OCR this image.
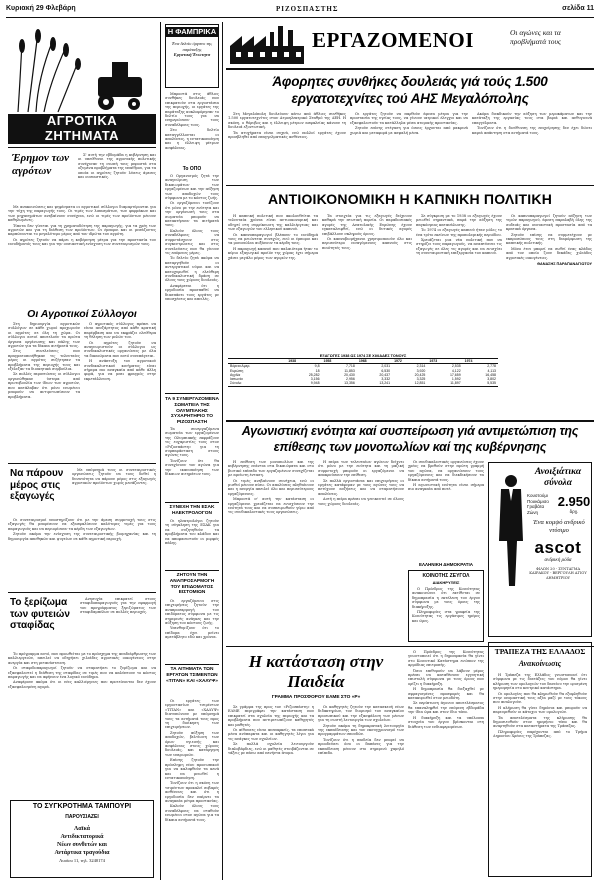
Κυριακή 29 Φλεβάρη	ΡΙΖΟΣΠΑΣΤΗΣ	σελίδα 11
ΑΓΡΟΤΙΚΑ ΖΗΤΗΜΑΤΑ
Έρημον των αγρότων

Σ' αυτή την εβδομάδα η κυβέρνηση και οι υπεύθυνοι της αγροτικής πολιτικής συνέχισαν τη σιωπή τους μπροστά στα οξυμένα προβλήματα της υπαίθρου, για τα οποία οι αγρότες ζητούν λύσεις άμεσες και ουσιαστικές.

Με ανακοινώσεις και ψηφίσματα οι αγροτικοί σύλλογοι διαμαρτύρονται για την τύχη της παραγωγής τους. Οι τιμές των λιπασμάτων, των φαρμάκων και των μηχανημάτων ανεβαίνουν συνέχεια, ενώ οι τιμές των προϊόντων μένουν καθηλωμένες.

Τίποτα δεν γίνεται για τη χρηματοδότηση της παραγωγής, για τα χρέη των αγροτών και για τη διάθεση των προϊόντων. Οι έμποροι και οι μεσάζοντες καρπώνονται το μεγαλύτερο μέρος από τον ιδρώτα του αγρότη.

Οι αγρότες ζητούν να πάρει η κυβέρνηση μέτρα για την προστασία του εισοδήματός τους και για την ουσιαστική ενίσχυση των συνεταιρισμών τους.

Οι Αγροτικοί Σύλλογοι

Στη δημιουργία αγροτικών συλλόγων σε κάθε χωριό προχωρούν οι αγρότες σε όλη τη χώρα. Οι σύλλογοι αυτοί αποτελούν τα πρώτα όργανα οργάνωσης και πάλης των αγροτών για τα δίκαια αιτήματά τους.

Στις συνελεύσεις που πραγματοποιήθηκαν τις τελευταίες μέρες οι αγρότες συζήτησαν τα προβλήματα της περιοχής τους και εξέλεξαν τα διοικητικά συμβούλια.

Σε πολλές περιπτώσεις οι σύλλογοι οργανώθηκαν ύστερα από πρωτοβουλία των ίδιων των αγροτών, που κατάλαβαν ότι μόνο ενωμένοι μπορούν να αντιμετωπίσουν τα προβλήματα.

Ο αγροτικός σύλλογος πρέπει να είναι ανεξάρτητος από κάθε κρατική παρέμβαση και να εκφράζει ελεύθερα τη θέληση των μελών του.

Οι αγρότες ζητούν να αναγνωριστούν οι σύλλογοι ως συνδικαλιστικές οργανώσεις με όλα τα δικαιώματα που αυτό συνεπάγεται.

Η ανάπτυξη του αγροτικού συνδικαλιστικού κινήματος είναι σήμερα πιο αναγκαία από κάθε άλλη φορά, για να μπει φραγμός στην εκμετάλλευση.

Να πάρουν μέρος στις εξαγωγές

Με υπόμνημά τους οι συνεταιριστικές οργανώσεις ζητούν να τους δοθεί η δυνατότητα να πάρουν μέρος στις εξαγωγές αγροτικών προϊόντων χωρίς μεσάζοντες.

Οι συνεταιρισμοί υποστηρίζουν ότι με την άμεση συμμετοχή τους στις εξαγωγές θα μπορέσουν να εξασφαλίσουν καλύτερες τιμές για τους παραγωγούς και να περιορίσουν τα κέρδη των εξαγωγέων.

Ζητούν ακόμα την ενίσχυση της συνεταιριστικής βιομηχανίας και τη δημιουργία αποθηκών και ψυγείων σε κάθε αγροτική περιοχή.

Το ξερίζωμα των φυτειών σταφίδας

Ανησυχία επικρατεί στους σταφιδοπαραγωγούς για την εφαρμογή του προγράμματος ξεριζώματος των σταφιδαμπέλων σε πολλές περιοχές.

Το πρόγραμμα αυτό, που προωθείται με το πρόσχημα της αναδιάρθρωσης των καλλιεργειών, απειλεί να οδηγήσει χιλιάδες αγροτικές οικογένειες στην ανεργία και στη μετανάστευση.

Οι σταφιδοπαραγωγοί ζητούν να σταματήσει το ξερίζωμα και να εξασφαλιστεί η διάθεση της σταφίδας σε τιμές που να καλύπτουν το κόστος παραγωγής και να αφήνουν ένα λογικό εισόδημα.

Αναφέρουν ακόμα ότι οι νέες καλλιέργειες που προτείνονται δεν έχουν εξασφαλισμένη αγορά.

ΤΟ ΣΥΓΚΡΟΤΗΜΑ ΤΑΜΠΟΥΡΙ
ΠΑΡΟΥΣΙΑΖΕΙ
Λαϊκά
Αντιδικτατορικά
Νέων συνθετών και
Αντάρτικα τραγούδια
Λυσίου 11, τηλ. 3240174
Η ΦΑΜΠΡΙΚΑ
Ένα δελτίο όργανο της παράταξης
Εργατική Ένωτητα

Μπροστά στις άθλιες συνθήκες δουλειάς που επικρατούν στα εργοστάσια της περιοχής, οι εργάτες της παράταξης κυκλοφόρησαν το δελτίο τους για να ενημερώσουν τους συναδέλφους τους.

Στο δελτίο καταγγέλλονται οι απολύσεις, η εντατικοποίηση και η έλλειψη μέτρων ασφάλειας.

Το ΟΠΟ

Ο Οργανισμός ζητά την αναγνώριση των δικαιωμάτων των εργαζομένων και την αύξηση των αποδοχών τους σύμφωνα με το κόστος ζωής.

Οι εργαζόμενοι τονίζουν ότι μόνο με την ενότητα και την οργάνωσή τους στα σωματεία μπορούν να κατακτήσουν τα αιτήματά τους.

Καλούν όλους τους συναδέλφους να συμμετάσχουν στις συγκεντρώσεις και στις συνελεύσεις που θα γίνουν τις επόμενες μέρες.

Το δελτίο ζητά ακόμα να καταργηθούν οι αντεργατικοί νόμοι και να κατοχυρωθεί η ελεύθερη συνδικαλιστική δράση σε όλους τους χώρους δουλειάς.

Αναφέρεται ότι η εργοδοσία προσπαθεί να διασπάσει τους εργάτες με υποσχέσεις και απειλές.

ΤΑ 9 ΣΥΝΕΡΓΑΖΟΜΕΝΑ ΣΩΜΑΤΕΙΑ ΤΗΣ ΟΛΥΜΠΙΑΚΗΣ ΣΥΧΑΡΗΤΗΡΙΟ ΤΟ ΡΙΖΟΣΠΑΣΤΗ

Τα συνεργαζόμενα σωματεία των εργαζομένων της Ολυμπιακής εκφράζουν τις ευχαριστίες τους στον «Ριζοσπάστη» για τη συμπαράσταση στους αγώνες τους.

Τονίζουν ότι θα συνεχίσουν τον αγώνα για την ικανοποίηση των δίκαιων αιτημάτων τους.

ΣΥΝΕΧΗ ΤΗΝ ΕΣΑΚ ΗΛΕΚΤΡΟΛΟΓΟΝ

Οι ηλεκτρολόγοι ζητούν τη σύγκληση της ΕΣΑΚ για να συζητηθούν τα προβλήματα του κλάδου και να αποφασιστούν οι μορφές πάλης.

ΖΗΤΟΥΝ ΤΗΝ ΑΝΑΠΡΟΣΑΡΜΟΓΗ ΤΟΥ ΕΠΙΔΟΜΑΤΟΣ ΕΙΣΤΟΜΙΩΝ

Οι εργαζόμενοι στις επιχειρήσεις ζητούν την αναπροσαρμογή του επιδόματος σύμφωνα με τις σημερινές ανάγκες και την αύξηση του κόστους ζωής.

Υπενθυμίζουν ότι το επίδομα έχει μείνει αμετάβλητο εδώ και χρόνια.

ΤΑ ΑΙΤΗΜΑΤΑ ΤΩΝ ΕΡΓΑΤΩΝ ΤΣΙΜΕΝΤΩΝ «ΤΙΤΑΝ» ΚΑΙ «ΧΑΛΥΨ»

Οι εργάτες των εργοστασίων τσιμέντων «ΤΙΤΑΝ» και «ΧΑΛΥΨ» διατυπώνουν με υπόμνημά τους τα αιτήματά τους προς τη διοίκηση των επιχειρήσεων.

Ζητούν αύξηση των αποδοχών, βελτίωση των όρων υγιεινής και ασφάλειας στους χώρους δουλειάς, και κατάργηση των υπερωριών.

Επίσης ζητούν την πρόσληψη νέου προσωπικού για να καλυφθούν τα κενά και να μειωθεί η εντατικοποίηση.

Τονίζουν ότι η σκόνη των τσιμέντων προκαλεί σοβαρές ασθένειες και ότι η εργοδοσία δεν παίρνει τα αναγκαία μέτρα προστασίας.

Καλούν όλους τους συναδέλφους να σταθούν ενωμένοι στον αγώνα για τα δίκαια αιτήματά τους.

ΕΡΓΑΖΟΜΕΝΟΙ	Οι αγώνες και τα
προβλήματά τους
Άφορητες συνθήκες δουλειάς γιά τούς 1.500 εργατοτεχνίτες τού ΑΗΣ Μεγαλόπολης

Στη Μεγαλόπολη δουλεύουν κάτω από άθλιες συνθήκες 1.500 εργατοτεχνίτες στον Ατμοηλεκτρικό Σταθμό της ΔΕΗ. Η σκόνη, ο θόρυβος και η έλλειψη μέτρων ασφαλείας κάνουν τη δουλειά εξοντωτική.

Τα ατυχήματα είναι συχνά, ενώ πολλοί εργάτες έχουν προσβληθεί από επαγγελματικές ασθένειες.

Οι εργάτες ζητούν να παρθούν άμεσα μέτρα για την προστασία της υγείας τους, να γίνουν ιατρικοί έλεγχοι και να εξασφαλιστούν τα κατάλληλα μέσα ατομικής προστασίας.

Ζητούν επίσης στέγαση για όσους έρχονται από μακρινά χωριά και μεταφορά με ασφαλή μέσα.

Ακόμα διεκδικούν την αύξηση των μεροκάματων και την κατάταξη της εργασίας τους στα βαριά και ανθυγιεινά επαγγέλματα.

Τονίζουν ότι η διεύθυνση της επιχείρησης δεν έχει δώσει καμιά απάντηση στα αιτήματά τους.

ΑΝΤΙΟΙΚΟΝΟΜΙΚΗ Η ΚΑΠΝΙΚΗ ΠΟΛΙΤΙΚΗ

Η καπνική πολιτική που ακολουθείται τα τελευταία χρόνια είναι αντιοικονομική και οδηγεί στη συρρίκνωση της καλλιέργειας και των εξαγωγών του ελληνικού καπνού.

Οι καπνοπαραγωγοί βλέπουν το εισόδημά τους να μειώνεται συνεχώς, ενώ οι έμποροι και τα μονοπώλια αυξάνουν τα κέρδη τους.

Η παραγωγή καπνού που παλαιότερα ήταν το κύριο εξαγωγικό προϊόν της χώρας έχει σήμερα χάσει μεγάλο μέρος των αγορών της.

Τα στοιχεία για τις εξαγωγές δείχνουν καθαρά την πτωτική πορεία. Οι παραδοσιακές αγορές της Ανατολικής Ευρώπης έχουν εγκαταλειφθεί, ενώ οι δυτικές αγορές επιβάλλουν σκληρούς όρους.

Οι καπνοβιομήχανοι χρησιμοποιούν όλο και περισσότερο εισαγόμενους καπνούς στις ποιότητές τους.

Σε σύγκριση με το 1938 οι εξαγωγές έχουν μειωθεί σημαντικά, παρά την αύξηση της παγκόσμιας κατανάλωσης.

Το 1974 οι εξαγωγές καπνού ήταν μόλις το ένα τρίτο εκείνων της προπολεμικής περιόδου.

Χρειάζεται μια νέα πολιτική που να στηρίζει τους παραγωγούς, να αναπτύσσει τις εξαγωγές σε όλες τις αγορές και να ενισχύει τη συνεταιριστική επεξεργασία του καπνού.

Οι καπνοπαραγωγοί ζητούν αύξηση των τιμών παραγωγού, άμεση παραλαβή όλης της σοδειάς και ουσιαστική προστασία από τα κρατικά όργανα.

Ζητούν επίσης να συμμετέχουν με εκπροσώπους τους στη διαμόρφωση της καπνικής πολιτικής.

Μόνο έτσι μπορεί να σωθεί ένας κλάδος από τον οποίο ζουν δεκάδες χιλιάδες αγροτικές οικογένειες.

ΘΑΝΑΣΗΣ ΠΑΡΑΠΑΝΑΓΙΩΤΟΥ
ΕΞΑΓΩΓΕΣ 1938 ΩΣ 1974 ΣΕ ΧΙΛΙΑΔΕΣ ΤΟΝΟΥΣ
	1938	1958	1968	1972	1973	1974
Βόρεια Αμερ.	9,8	7,718	2,031	2,314	2,535	2,778
Ευρώπη	18	11,853	6,530	3,920	4,122	4,113
Αγγλία	25,282	20,430	20,437	20,425	17,659	16,458
Ιαπωνία	3,156	2,956	3,332	3,325	1,592	3,802
Σύνολο	9,948	13,356	13,241	12,851	11,897	5,535
Αγωνιστική ενότητα καί συσπείρωση γιά αντιμετώπιση της επίθεσης των μονοπωλίων καί της κυβέρνησης

Η επίθεση των μονοπωλίων και της κυβέρνησης ενάντια στα δικαιώματα και στο βιοτικό επίπεδο των εργαζομένων συνεχίζεται με αμείωτη ένταση.

Οι τιμές ανεβαίνουν συνέχεια, ενώ οι μισθοί μένουν πίσω. Οι απολύσεις πληθαίνουν και η ανεργία απειλεί όλο και περισσότερους εργαζόμενους.

Μπροστά σ' αυτή την κατάσταση οι εργαζόμενοι χρειάζεται να ενισχύσουν την ενότητά τους και να συσπειρωθούν γύρω από τις συνδικαλιστικές τους οργανώσεις.

Η πείρα των τελευταίων αγώνων δείχνει ότι μόνο με την ενότητα και τη μαζική συμμετοχή μπορούν οι εργαζόμενοι να αποκρούσουν την επίθεση.

Σε πολλά εργοστάσια και επιχειρήσεις οι εργάτες κατάφεραν με τους αγώνες τους να πετύχουν αυξήσεις και να σταματήσουν απολύσεις.

Αυτή η πείρα πρέπει να γενικευτεί σε όλους τους χώρους δουλειάς.

Οι συνδικαλιστικές οργανώσεις έχουν χρέος να βρεθούν στην πρώτη γραμμή του αγώνα, να οργανώσουν τους εργαζόμενους και να διεκδικήσουν τα δίκαια αιτήματά τους.

Η αγωνιστική ενότητα είναι σήμερα πιο αναγκαία από ποτέ.

ΕΛΛΗΝΙΚΗ ΔΗΜΟΚΡΑΤΙΑ
ΚΟΙΝΟΤΗΣ ΖΕΥΓΟΛ
ΔΙΑΚΗΡΥΞΕΙΣ

Ο Πρόεδρος της Κοινότητας ανακοινώνει ότι εκτίθεται σε δημοπρασία η εκτέλεση του έργου σύμφωνα με τους όρους της διακήρυξης.

Πληροφορίες στα γραφεία της Κοινότητας τις εργάσιμες ημέρες και ώρες.

Ανοιξιάτικα σύνολα
Κουστούμι
Πουκάμισο
Γραβάτα
Ζώνη
2.950
δρχ.
Ένα κομψό ανδρικό ντύσιμο
ascot
ανδρική μόδα

ΦΙΛΩΝ 20 - ΣΥΝΤΑΓΜΑ ΚΑΙΡΑΚΟΥ - ΒΕΡΓΟΥΛΗ ΑΓΙΟΥ ΔΗΜΗΤΡΙΟΥ

Η κατάσταση στην Παιδεία
ΓΡΑΜΜΑ ΠΡΟΣΦΟΡΟΥ ΕΛΜΕ ΣΤΟ «Ρ»

Σε γράμμα της προς τον «Ριζοσπάστη» η ΕΛΜΕ περιγράφει την κατάσταση που επικρατεί στα σχολεία της περιοχής και τα προβλήματα που αντιμετωπίζουν καθηγητές και μαθητές.

Οι αίθουσες είναι ανεπαρκείς, τα εποπτικά μέσα ανύπαρκτα και οι καθηγητές λίγοι για τις ανάγκες των σχολείων.

Σε πολλά σχολεία λειτουργούν διπλοβάρδιες, ενώ οι μαθητές στοιβάζονται σε τάξεις με πάνω από πενήντα άτομα.

Οι καθηγητές ζητούν την κατασκευή νέων διδακτηρίων, τον διορισμό του αναγκαίου προσωπικού και την εξασφάλιση των μέσων για τη σωστή λειτουργία των σχολείων.

Ζητούν ακόμα τη δημοκρατική λειτουργία της εκπαίδευσης και τον εκσυγχρονισμό των προγραμμάτων σπουδών.

Τονίζουν ότι η παιδεία δεν μπορεί να προοδεύσει όσο οι δαπάνες για την εκπαίδευση μένουν στο σημερινό χαμηλό επίπεδο.

Ο Πρόεδρος της Κοινότητας γνωστοποιεί ότι η δημοπρασία θα γίνει στο Κοινοτικό Κατάστημα ενώπιον της αρμόδιας επιτροπής.

Όσοι επιθυμούν να λάβουν μέρος πρέπει να καταθέσουν εγγυητική επιστολή σύμφωνα με τους όρους που ορίζει η διακήρυξη.

Η δημοπρασία θα διεξαχθεί με σφραγισμένες προσφορές και θα κατακυρωθεί στον μειοδότη.

Σε περίπτωση άγονου αποτελέσματος θα επαναληφθεί την επόμενη εβδομάδα την ίδια ώρα και στον ίδιο τόπο.

Η διακήρυξη και τα υπόλοιπα στοιχεία του έργου βρίσκονται στη διάθεση των ενδιαφερομένων.

ΤΡΑΠΕΖΑ ΤΗΣ ΕΛΛΑΔΟΣ
Ανακοίνωσις

Η Τράπεζα της Ελλάδος γνωστοποιεί ότι σύμφωνα με τις διατάξεις του νόμου θα γίνει κλήρωση των ομολογιών του δανείου την ορισμένη ημερομηνία στο κεντρικό κατάστημα.

Οι ομολογίες που θα κληρωθούν θα εξοφληθούν στην ονομαστική τους αξία μαζί με τους τόκους που αναλογούν.

Η κλήρωση θα γίνει δημόσια και μπορούν να παρευρεθούν οι κάτοχοι των ομολογιών.

Τα αποτελέσματα της κλήρωσης θα δημοσιευθούν στον ημερήσιο τύπο και θα αναρτηθούν στα καταστήματα της Τράπεζας.

Πληροφορίες παρέχονται από το Τμήμα Δημοσίου Χρέους της Τράπεζας.
